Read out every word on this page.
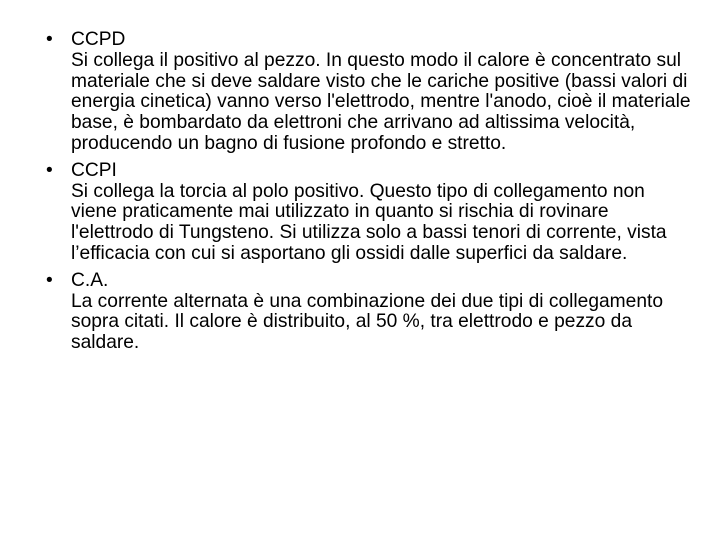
• CCPD
Si collega il positivo al pezzo. In questo modo il calore è concentrato sul materiale che si deve saldare visto che le cariche positive (bassi valori di energia cinetica) vanno verso l'elettrodo, mentre l'anodo, cioè il materiale base, è bombardato da elettroni che arrivano ad altissima velocità, producendo un bagno di fusione profondo e stretto.
• CCPI
Si collega la torcia al polo positivo. Questo tipo di collegamento non viene praticamente mai utilizzato in quanto si rischia di rovinare l'elettrodo di Tungsteno. Si utilizza solo a bassi tenori di corrente, vista l’efficacia con cui si asportano gli ossidi dalle superfici da saldare.
• C.A.
La corrente alternata è una combinazione dei due tipi di collegamento sopra citati. Il calore è distribuito, al 50 %, tra elettrodo e pezzo da saldare.
